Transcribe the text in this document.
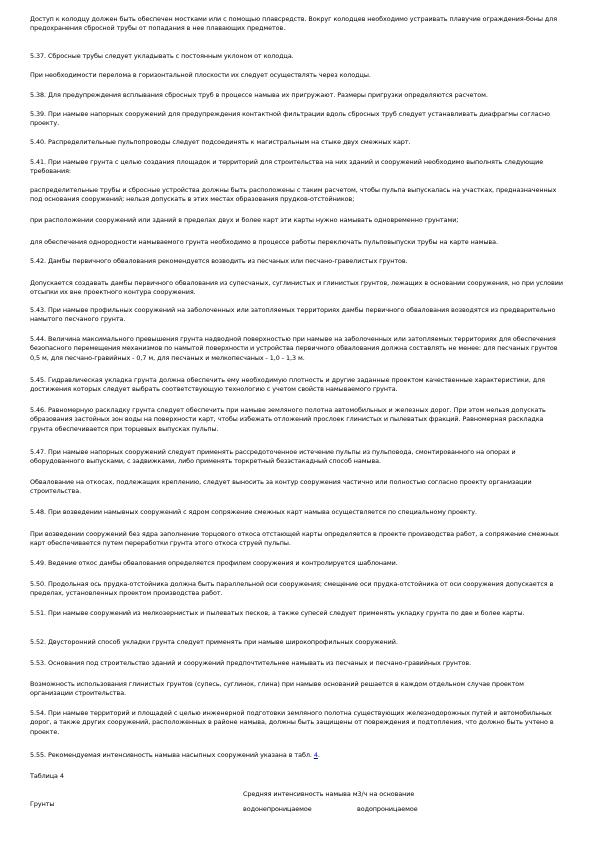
Доступ к колодцу должен быть обеспечен мостками или с помощью плавсредств. Вокруг колодцев необходимо устраивать плавучие ограждения-боны для предохранения сбросной трубы от попадания в нее плавающих предметов.

5.37. Сбросные трубы следует укладывать с постоянным уклоном от колодца.

При необходимости перелома в горизонтальной плоскости их следует осуществлять через колодцы.

5.38. Для предупреждения всплывания сбросных труб в процессе намыва их пригружают. Размеры пригрузки определяются расчетом.

5.39. При намыве напорных сооружений для предупреждения контактной фильтрации вдоль сбросных труб следует устанавливать диафрагмы согласно проекту.

5.40. Распределительные пульпопроводы следует подсоединять к магистральным на стыке двух смежных карт.

5.41. При намыве грунта с целью создания площадок и территорий для строительства на них зданий и сооружений необходимо выполнять следующие требования:

распределительные трубы и сбросные устройства должны быть расположены с таким расчетом, чтобы пульпа выпускалась на участках, предназначенных под основания сооружений; нельзя допускать в этих местах образования прудков-отстойников;

при расположении сооружений или зданий в пределах двух и более карт эти карты нужно намывать одновременно грунтами;

для обеспечения однородности намываемого грунта необходимо в процессе работы переключать пульповыпуски трубы на карте намыва.

5.42. Дамбы первичного обвалования рекомендуется возводить из песчаных или песчано-гравелистых грунтов.

Допускается создавать дамбы первичного обвалования из супесчаных, суглинистых и глинистых грунтов, лежащих в основании сооружения, но при условии отсыпки их вне проектного контура сооружения.

5.43. При намыве профильных сооружений на заболоченных или затопляемых территориях дамбы первичного обвалования возводятся из предварительно намытого песчаного грунта.

5.44. Величина максимального превышения грунта надводной поверхностью при намыве на заболоченных или затопляемых территориях для обеспечения безопасного перемещения механизмов по намытой поверхности и устройства первичного обвалования должна составлять не менее: для песчаных грунтов 0,5 м, для песчано-гравийных - 0,7 м, для песчаных и мелкопесчаных - 1,0 - 1,3 м.

5.45. Гидравлическая укладка грунта должна обеспечить ему необходимую плотность и другие заданные проектом качественные характеристики, для достижения которых следует выбрать соответствующую технологию с учетом свойств намываемого грунта.

5.46. Равномерную раскладку грунта следует обеспечить при намыве земляного полотна автомобильных и железных дорог. При этом нельзя допускать образования застойных зон воды на поверхности карт, чтобы избежать отложений прослоек глинистых и пылеватых фракций. Равномерная раскладка грунта обеспечивается при торцевых выпусках пульпы.

5.47. При намыве напорных сооружений следует применять рассредоточенное истечение пульпы из пульповода, смонтированного на опорах и оборудованного выпусками, с задвижками, либо применять торкретный безэстакадный способ намыва.

Обвалование на откосах, подлежащих креплению, следует выносить за контур сооружения частично или полностью согласно проекту организации строительства.

5.48. При возведении намывных сооружений с ядром сопряжение смежных карт намыва осуществляется по специальному проекту.

При возведении сооружений без ядра заполнение торцового откоса отстающей карты определяется в проекте производства работ, а сопряжение смежных карт обеспечивается путем переработки грунта этого откоса струей пульпы.

5.49. Ведение откос дамбы обвалования определяется профилем сооружения и контролируется шаблонами.

5.50. Продольная ось прудка-отстойника должна быть параллельной оси сооружения; смещение оси прудка-отстойника от оси сооружения допускается в пределах, установленных проектом производства работ.

5.51. При намыве сооружений из мелкозернистых и пылеватых песков, а также супесей следует применять укладку грунта по две и более карты.

5.52. Двусторонний способ укладки грунта следует применять при намыве широкопрофильных сооружений.

5.53. Основания под строительство зданий и сооружений предпочтительнее намывать из песчаных и песчано-гравийных грунтов.

Возможность использования глинистых грунтов (супесь, суглинок, глина) при намыве оснований решается в каждом отдельном случае проектом организации строительства.

5.54. При намыве территорий и площадей с целью инженерной подготовки земляного полотна существующих железнодорожных путей и автомобильных дорог, а также других сооружений, расположенных в районе намыва, должны быть защищены от повреждения и подтопления, что должно быть учтено в проекте.

5.55. Рекомендуемая интенсивность намыва насыпных сооружений указана в табл. 4.

Таблица 4

Грунты

Средняя интенсивность намыва м3/ч на основание

водонепроницаемое	водопроницаемое
